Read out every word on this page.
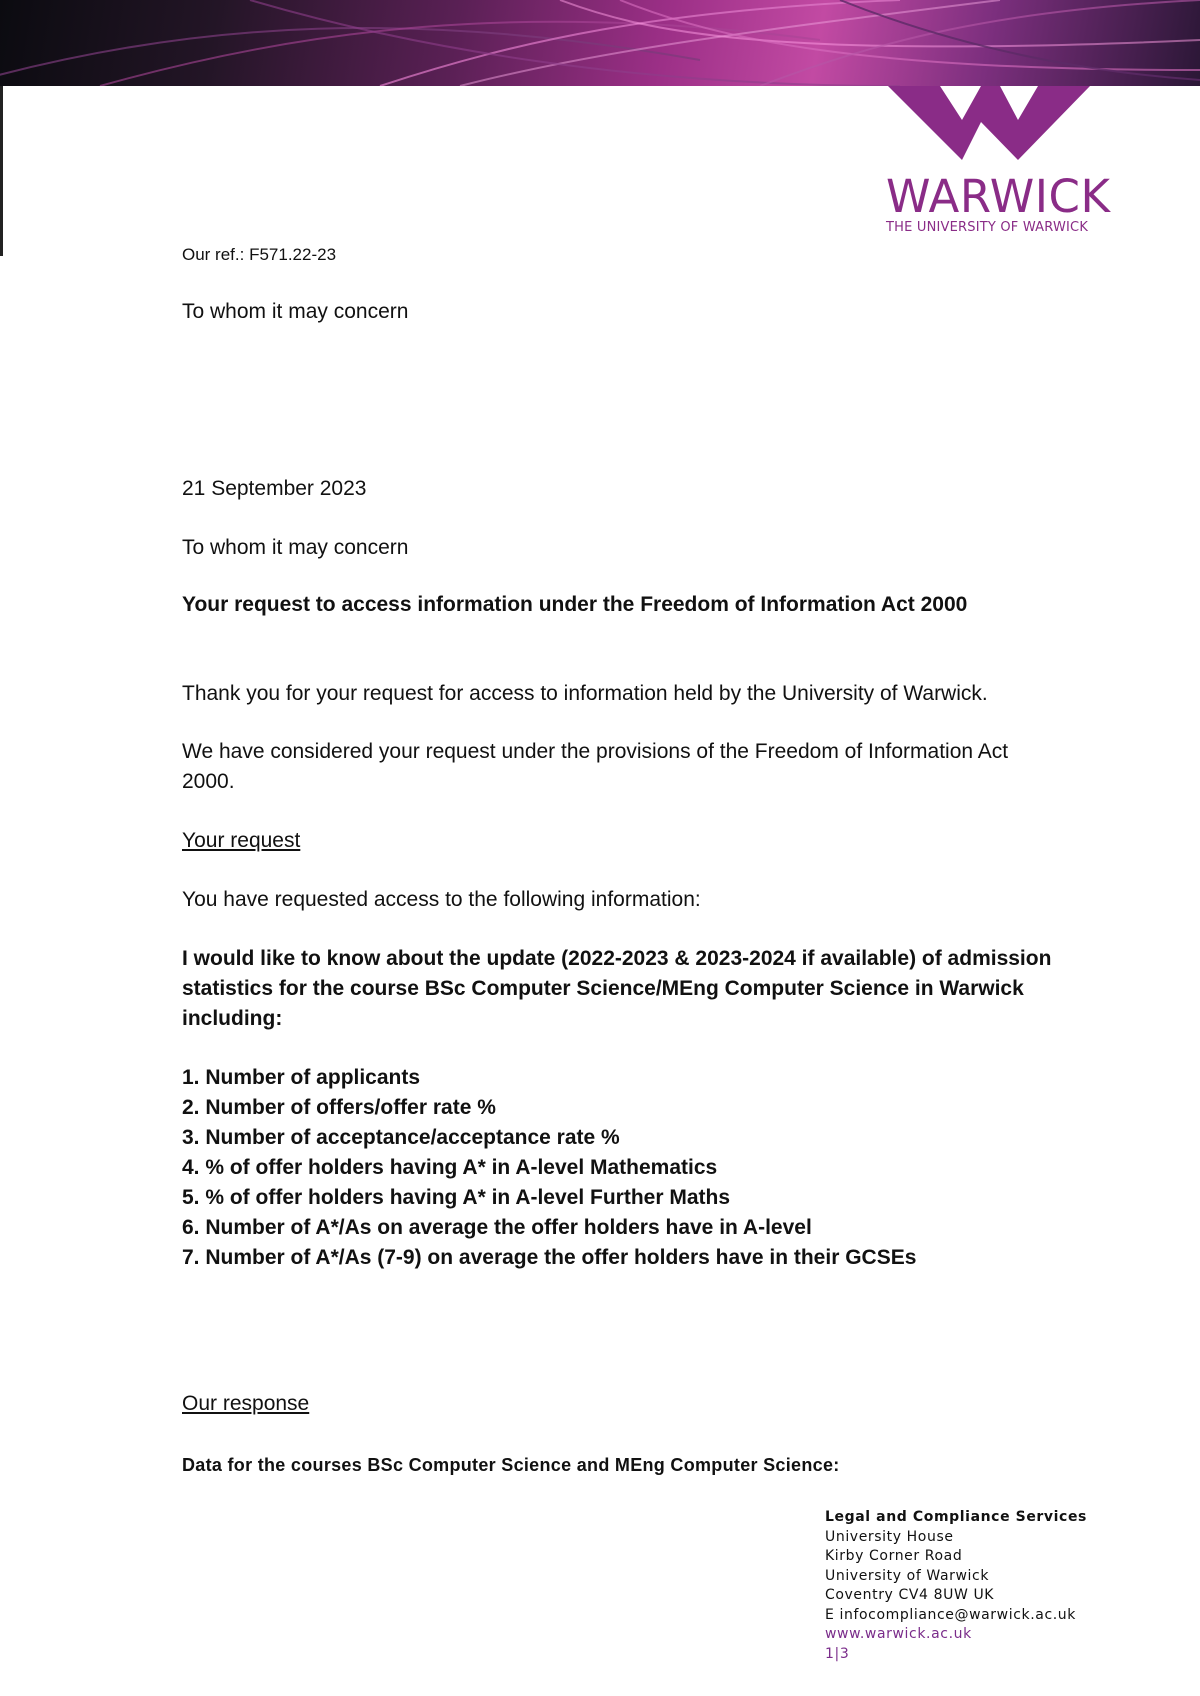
WARWICK
THE UNIVERSITY OF WARWICK
Our ref.: F571.22-23
To whom it may concern
21 September 2023
To whom it may concern
Your request to access information under the Freedom of Information Act 2000
Thank you for your request for access to information held by the University of Warwick.
We have considered your request under the provisions of the Freedom of Information Act 2000.
Your request
You have requested access to the following information:
I would like to know about the update (2022-2023 & 2023-2024 if available) of admission statistics for the course BSc Computer Science/MEng Computer Science in Warwick including:
1. Number of applicants
2. Number of offers/offer rate %
3. Number of acceptance/acceptance rate %
4. % of offer holders having A* in A-level Mathematics
5. % of offer holders having A* in A-level Further Maths
6. Number of A*/As on average the offer holders have in A-level
7. Number of A*/As (7-9) on average the offer holders have in their GCSEs
Our response
Data for the courses BSc Computer Science and MEng Computer Science:
Legal and Compliance Services
University House
Kirby Corner Road
University of Warwick
Coventry CV4 8UW UK
E infocompliance@warwick.ac.uk
www.warwick.ac.uk
1|3
